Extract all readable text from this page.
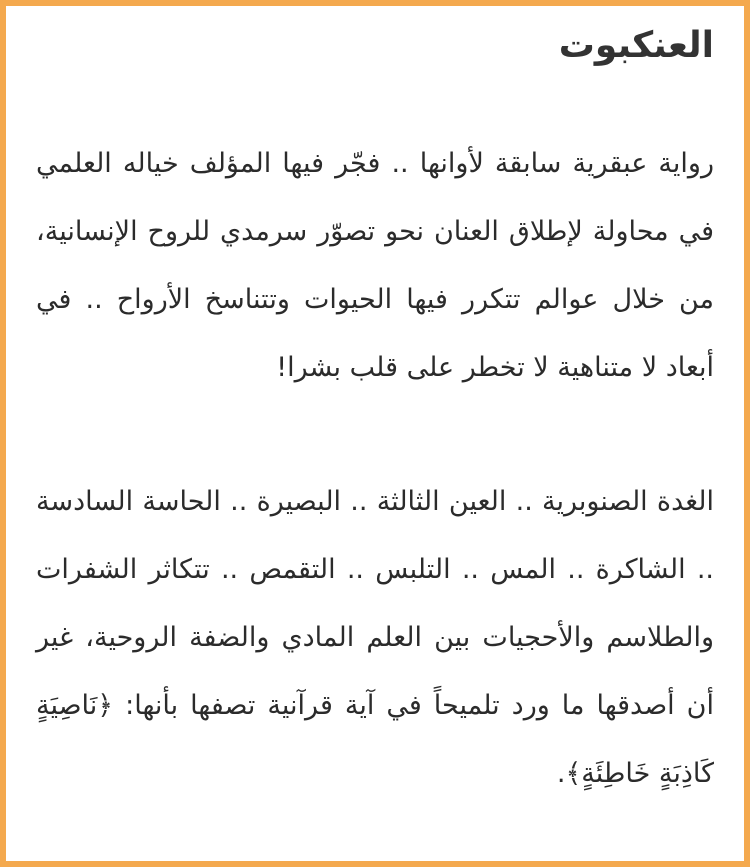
العنكبوت

رواية عبقرية سابقة لأوانها .. فجّر فيها المؤلف خياله العلمي في محاولة لإطلاق العنان نحو تصوّر سرمدي للروح الإنسانية، من خلال عوالم تتكرر فيها الحيوات وتتناسخ الأرواح .. في أبعاد لا متناهية لا تخطر على قلب بشرا!

الغدة الصنوبرية .. العين الثالثة .. البصيرة .. الحاسة السادسة .. الشاكرة .. المس .. التلبس .. التقمص .. تتكاثر الشفرات والطلاسم والأحجيات بين العلم المادي والضفة الروحية، غير أن أصدقها ما ورد تلميحاً في آية قرآنية تصفها بأنها: ﴿نَاصِيَةٍ كَاذِبَةٍ خَاطِئَةٍ﴾.
